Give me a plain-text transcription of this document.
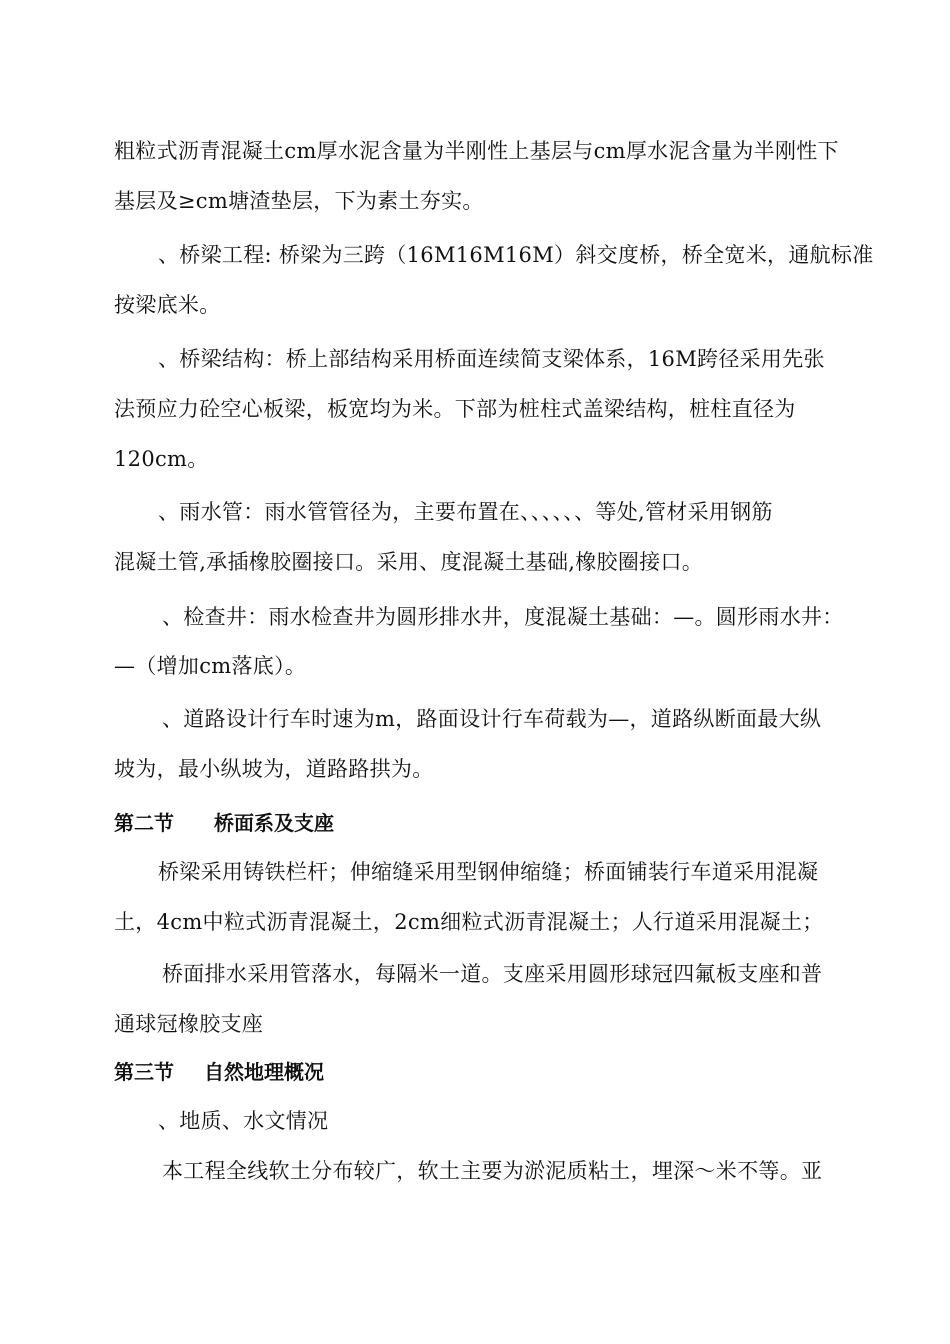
粗粒式沥青混凝土cm厚水泥含量为半刚性上基层与cm厚水泥含量为半刚性下
基层及≥cm塘渣垫层，下为素土夯实。
、桥梁工程: 桥梁为三跨（16M16M16M）斜交度桥，桥全宽米，通航标准
按梁底米。
、桥梁结构：桥上部结构采用桥面连续简支梁体系，16M跨径采用先张
法预应力砼空心板梁，板宽均为米。下部为桩柱式盖梁结构，桩柱直径为
120cm。
、雨水管：雨水管管径为，主要布置在、、、、、、等处,管材采用钢筋
混凝土管,承插橡胶圈接口。采用、度混凝土基础,橡胶圈接口。
、检查井：雨水检查井为圆形排水井，度混凝土基础：—。圆形雨水井：
—（增加cm落底）。
、道路设计行车时速为m，路面设计行车荷载为—，道路纵断面最大纵
坡为，最小纵坡为，道路路拱为。
第二节 桥面系及支座
桥梁采用铸铁栏杆；伸缩缝采用型钢伸缩缝；桥面铺装行车道采用混凝
土，4cm中粒式沥青混凝土，2cm细粒式沥青混凝土；人行道采用混凝土；
桥面排水采用管落水，每隔米一道。支座采用圆形球冠四氟板支座和普
通球冠橡胶支座
第三节 自然地理概况
、地质、水文情况
本工程全线软土分布较广，软土主要为淤泥质粘土，埋深～米不等。亚
